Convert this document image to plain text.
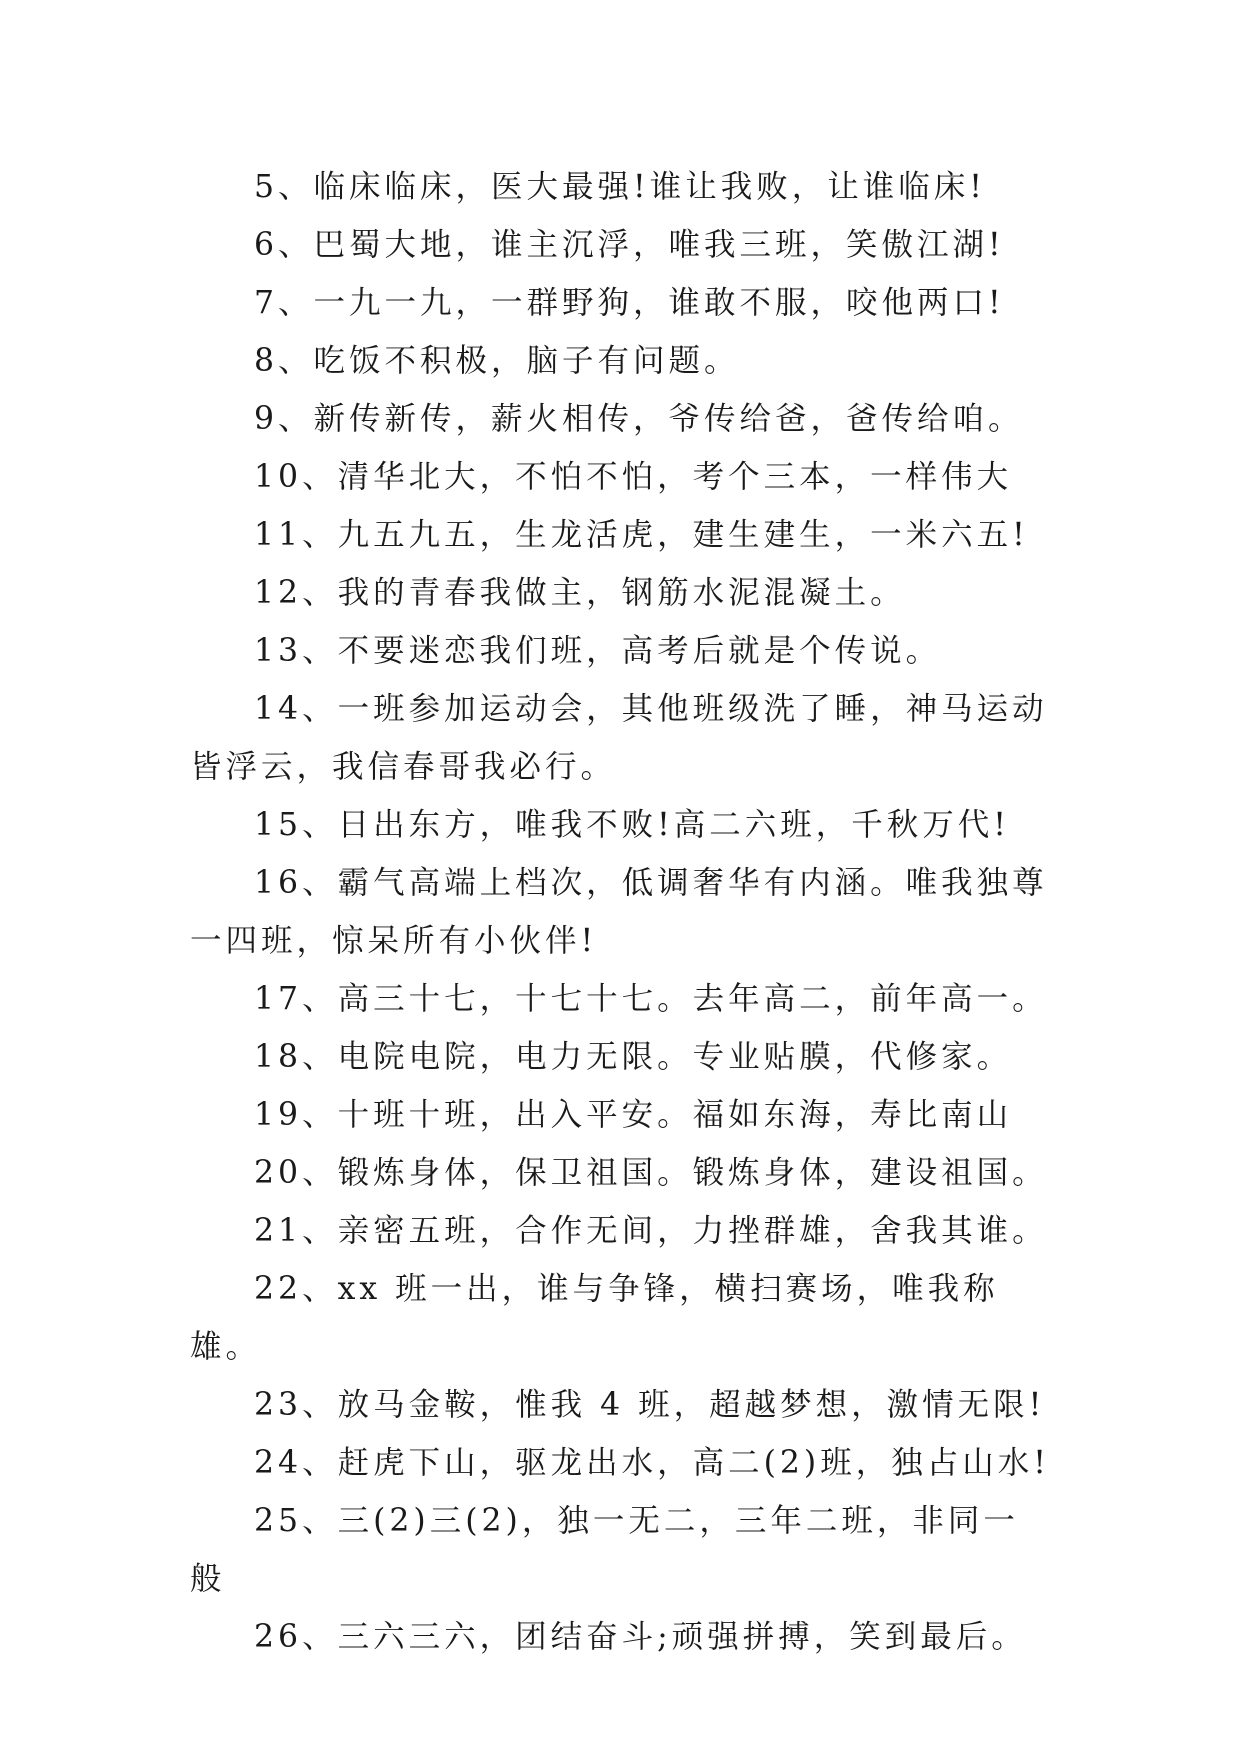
5、临床临床，医大最强!谁让我败，让谁临床!

6、巴蜀大地，谁主沉浮，唯我三班，笑傲江湖!

7、一九一九，一群野狗，谁敢不服，咬他两口!

8、吃饭不积极，脑子有问题。

9、新传新传，薪火相传，爷传给爸，爸传给咱。

10、清华北大，不怕不怕，考个三本，一样伟大

11、九五九五，生龙活虎，建生建生，一米六五!

12、我的青春我做主，钢筋水泥混凝土。

13、不要迷恋我们班，高考后就是个传说。

14、一班参加运动会，其他班级洗了睡，神马运动皆浮云，我信春哥我必行。

15、日出东方，唯我不败!高二六班，千秋万代!

16、霸气高端上档次，低调奢华有内涵。唯我独尊一四班，惊呆所有小伙伴!

17、高三十七，十七十七。去年高二，前年高一。

18、电院电院，电力无限。专业贴膜，代修家。

19、十班十班，出入平安。福如东海，寿比南山

20、锻炼身体，保卫祖国。锻炼身体，建设祖国。

21、亲密五班，合作无间，力挫群雄，舍我其谁。

22、xx 班一出，谁与争锋，横扫赛场，唯我称雄。

23、放马金鞍，惟我 4 班，超越梦想，激情无限!

24、赶虎下山，驱龙出水，高二(2)班，独占山水!

25、三(2)三(2)，独一无二，三年二班，非同一般

26、三六三六，团结奋斗;顽强拼搏，笑到最后。
